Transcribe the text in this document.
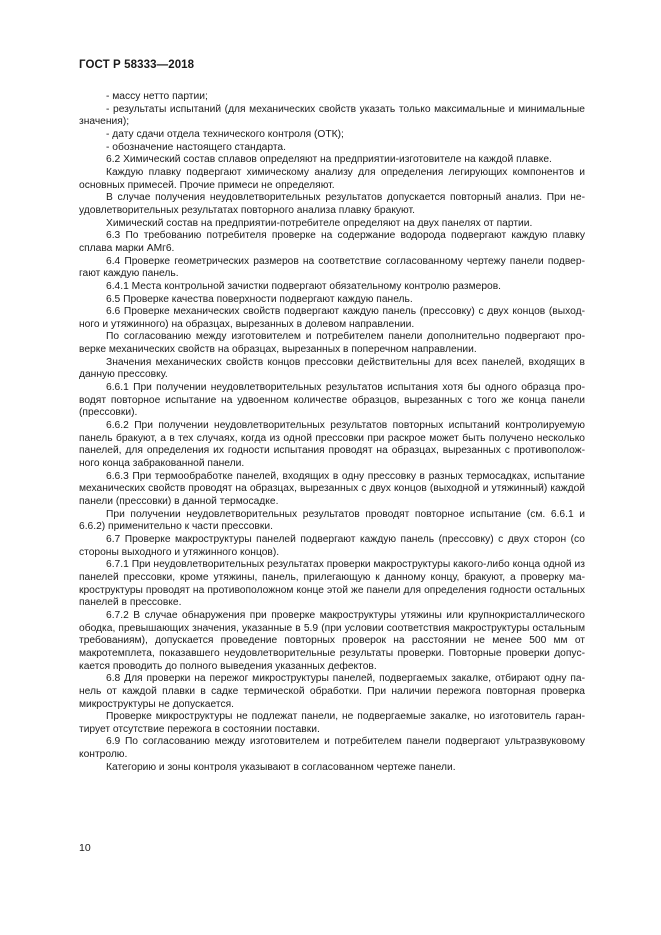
ГОСТ Р 58333—2018

- массу нетто партии;

- результаты испытаний (для механических свойств указать только максимальные и минимальные значения);

- дату сдачи отдела технического контроля (ОТК);

- обозначение настоящего стандарта.

6.2 Химический состав сплавов определяют на предприятии-изготовителе на каждой плавке.

Каждую плавку подвергают химическому анализу для определения легирующих компонентов и основных примесей. Прочие примеси не определяют.

В случае получения неудовлетворительных результатов допускается повторный анализ. При неудовлетворительных результатах повторного анализа плавку бракуют.

Химический состав на предприятии-потребителе определяют на двух панелях от партии.

6.3 По требованию потребителя проверке на содержание водорода подвергают каждую плавку сплава марки АМг6.

6.4 Проверке геометрических размеров на соответствие согласованному чертежу панели подвергают каждую панель.

6.4.1 Места контрольной зачистки подвергают обязательному контролю размеров.

6.5 Проверке качества поверхности подвергают каждую панель.

6.6 Проверке механических свойств подвергают каждую панель (прессовку) с двух концов (выходного и утяжинного) на образцах, вырезанных в долевом направлении.

По согласованию между изготовителем и потребителем панели дополнительно подвергают проверке механических свойств на образцах, вырезанных в поперечном направлении.

Значения механических свойств концов прессовки действительны для всех панелей, входящих в данную прессовку.

6.6.1 При получении неудовлетворительных результатов испытания хотя бы одного образца проводят повторное испытание на удвоенном количестве образцов, вырезанных с того же конца панели (прессовки).

6.6.2 При получении неудовлетворительных результатов повторных испытаний контролируемую панель бракуют, а в тех случаях, когда из одной прессовки при раскрое может быть получено несколько панелей, для определения их годности испытания проводят на образцах, вырезанных с противоположного конца забракованной панели.

6.6.3 При термообработке панелей, входящих в одну прессовку в разных термосадках, испытание механических свойств проводят на образцах, вырезанных с двух концов (выходной и утяжинный) каждой панели (прессовки) в данной термосадке.

При получении неудовлетворительных результатов проводят повторное испытание (см. 6.6.1 и 6.6.2) применительно к части прессовки.

6.7 Проверке макроструктуры панелей подвергают каждую панель (прессовку) с двух сторон (со стороны выходного и утяжинного концов).

6.7.1 При неудовлетворительных результатах проверки макроструктуры какого-либо конца одной из панелей прессовки, кроме утяжины, панель, прилегающую к данному концу, бракуют, а проверку макроструктуры проводят на противоположном конце этой же панели для определения годности остальных панелей в прессовке.

6.7.2 В случае обнаружения при проверке макроструктуры утяжины или крупнокристаллического ободка, превышающих значения, указанные в 5.9 (при условии соответствия макроструктуры остальным требованиям), допускается проведение повторных проверок на расстоянии не менее 500 мм от макротемплета, показавшего неудовлетворительные результаты проверки. Повторные проверки допускается проводить до полного выведения указанных дефектов.

6.8 Для проверки на пережог микроструктуры панелей, подвергаемых закалке, отбирают одну панель от каждой плавки в садке термической обработки. При наличии пережога повторная проверка микроструктуры не допускается.

Проверке микроструктуры не подлежат панели, не подвергаемые закалке, но изготовитель гарантирует отсутствие пережога в состоянии поставки.

6.9 По согласованию между изготовителем и потребителем панели подвергают ультразвуковому контролю.

Категорию и зоны контроля указывают в согласованном чертеже панели.

10
